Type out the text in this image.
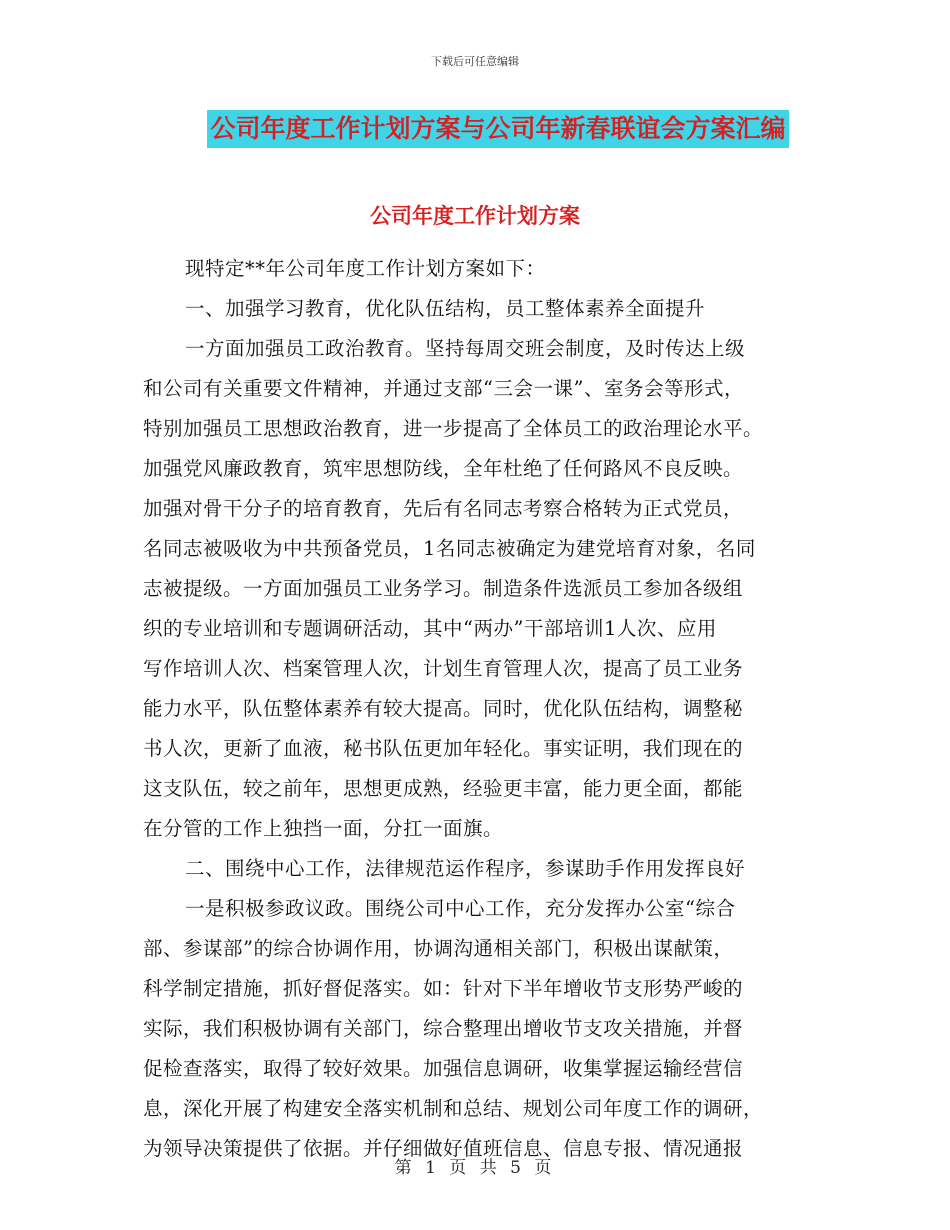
下载后可任意编辑
公司年度工作计划方案与公司年新春联谊会方案汇编
公司年度工作计划方案
现特定**年公司年度工作计划方案如下：
一、加强学习教育，优化队伍结构，员工整体素养全面提升
一方面加强员工政治教育。坚持每周交班会制度，及时传达上级
和公司有关重要文件精神，并通过支部“三会一课”、室务会等形式，
特别加强员工思想政治教育，进一步提高了全体员工的政治理论水平。
加强党风廉政教育，筑牢思想防线，全年杜绝了任何路风不良反映。
加强对骨干分子的培育教育，先后有名同志考察合格转为正式党员，
名同志被吸收为中共预备党员，1名同志被确定为建党培育对象，名同
志被提级。一方面加强员工业务学习。制造条件选派员工参加各级组
织的专业培训和专题调研活动，其中“两办”干部培训1人次、应用
写作培训人次、档案管理人次，计划生育管理人次，提高了员工业务
能力水平，队伍整体素养有较大提高。同时，优化队伍结构，调整秘
书人次，更新了血液，秘书队伍更加年轻化。事实证明，我们现在的
这支队伍，较之前年，思想更成熟，经验更丰富，能力更全面，都能
在分管的工作上独挡一面，分扛一面旗。
二、围绕中心工作，法律规范运作程序，参谋助手作用发挥良好
一是积极参政议政。围绕公司中心工作，充分发挥办公室“综合
部、参谋部”的综合协调作用，协调沟通相关部门，积极出谋献策，
科学制定措施，抓好督促落实。如：针对下半年增收节支形势严峻的
实际，我们积极协调有关部门，综合整理出增收节支攻关措施，并督
促检查落实，取得了较好效果。加强信息调研，收集掌握运输经营信
息，深化开展了构建安全落实机制和总结、规划公司年度工作的调研，
为领导决策提供了依据。并仔细做好值班信息、信息专报、情况通报
第 1 页 共 5 页
